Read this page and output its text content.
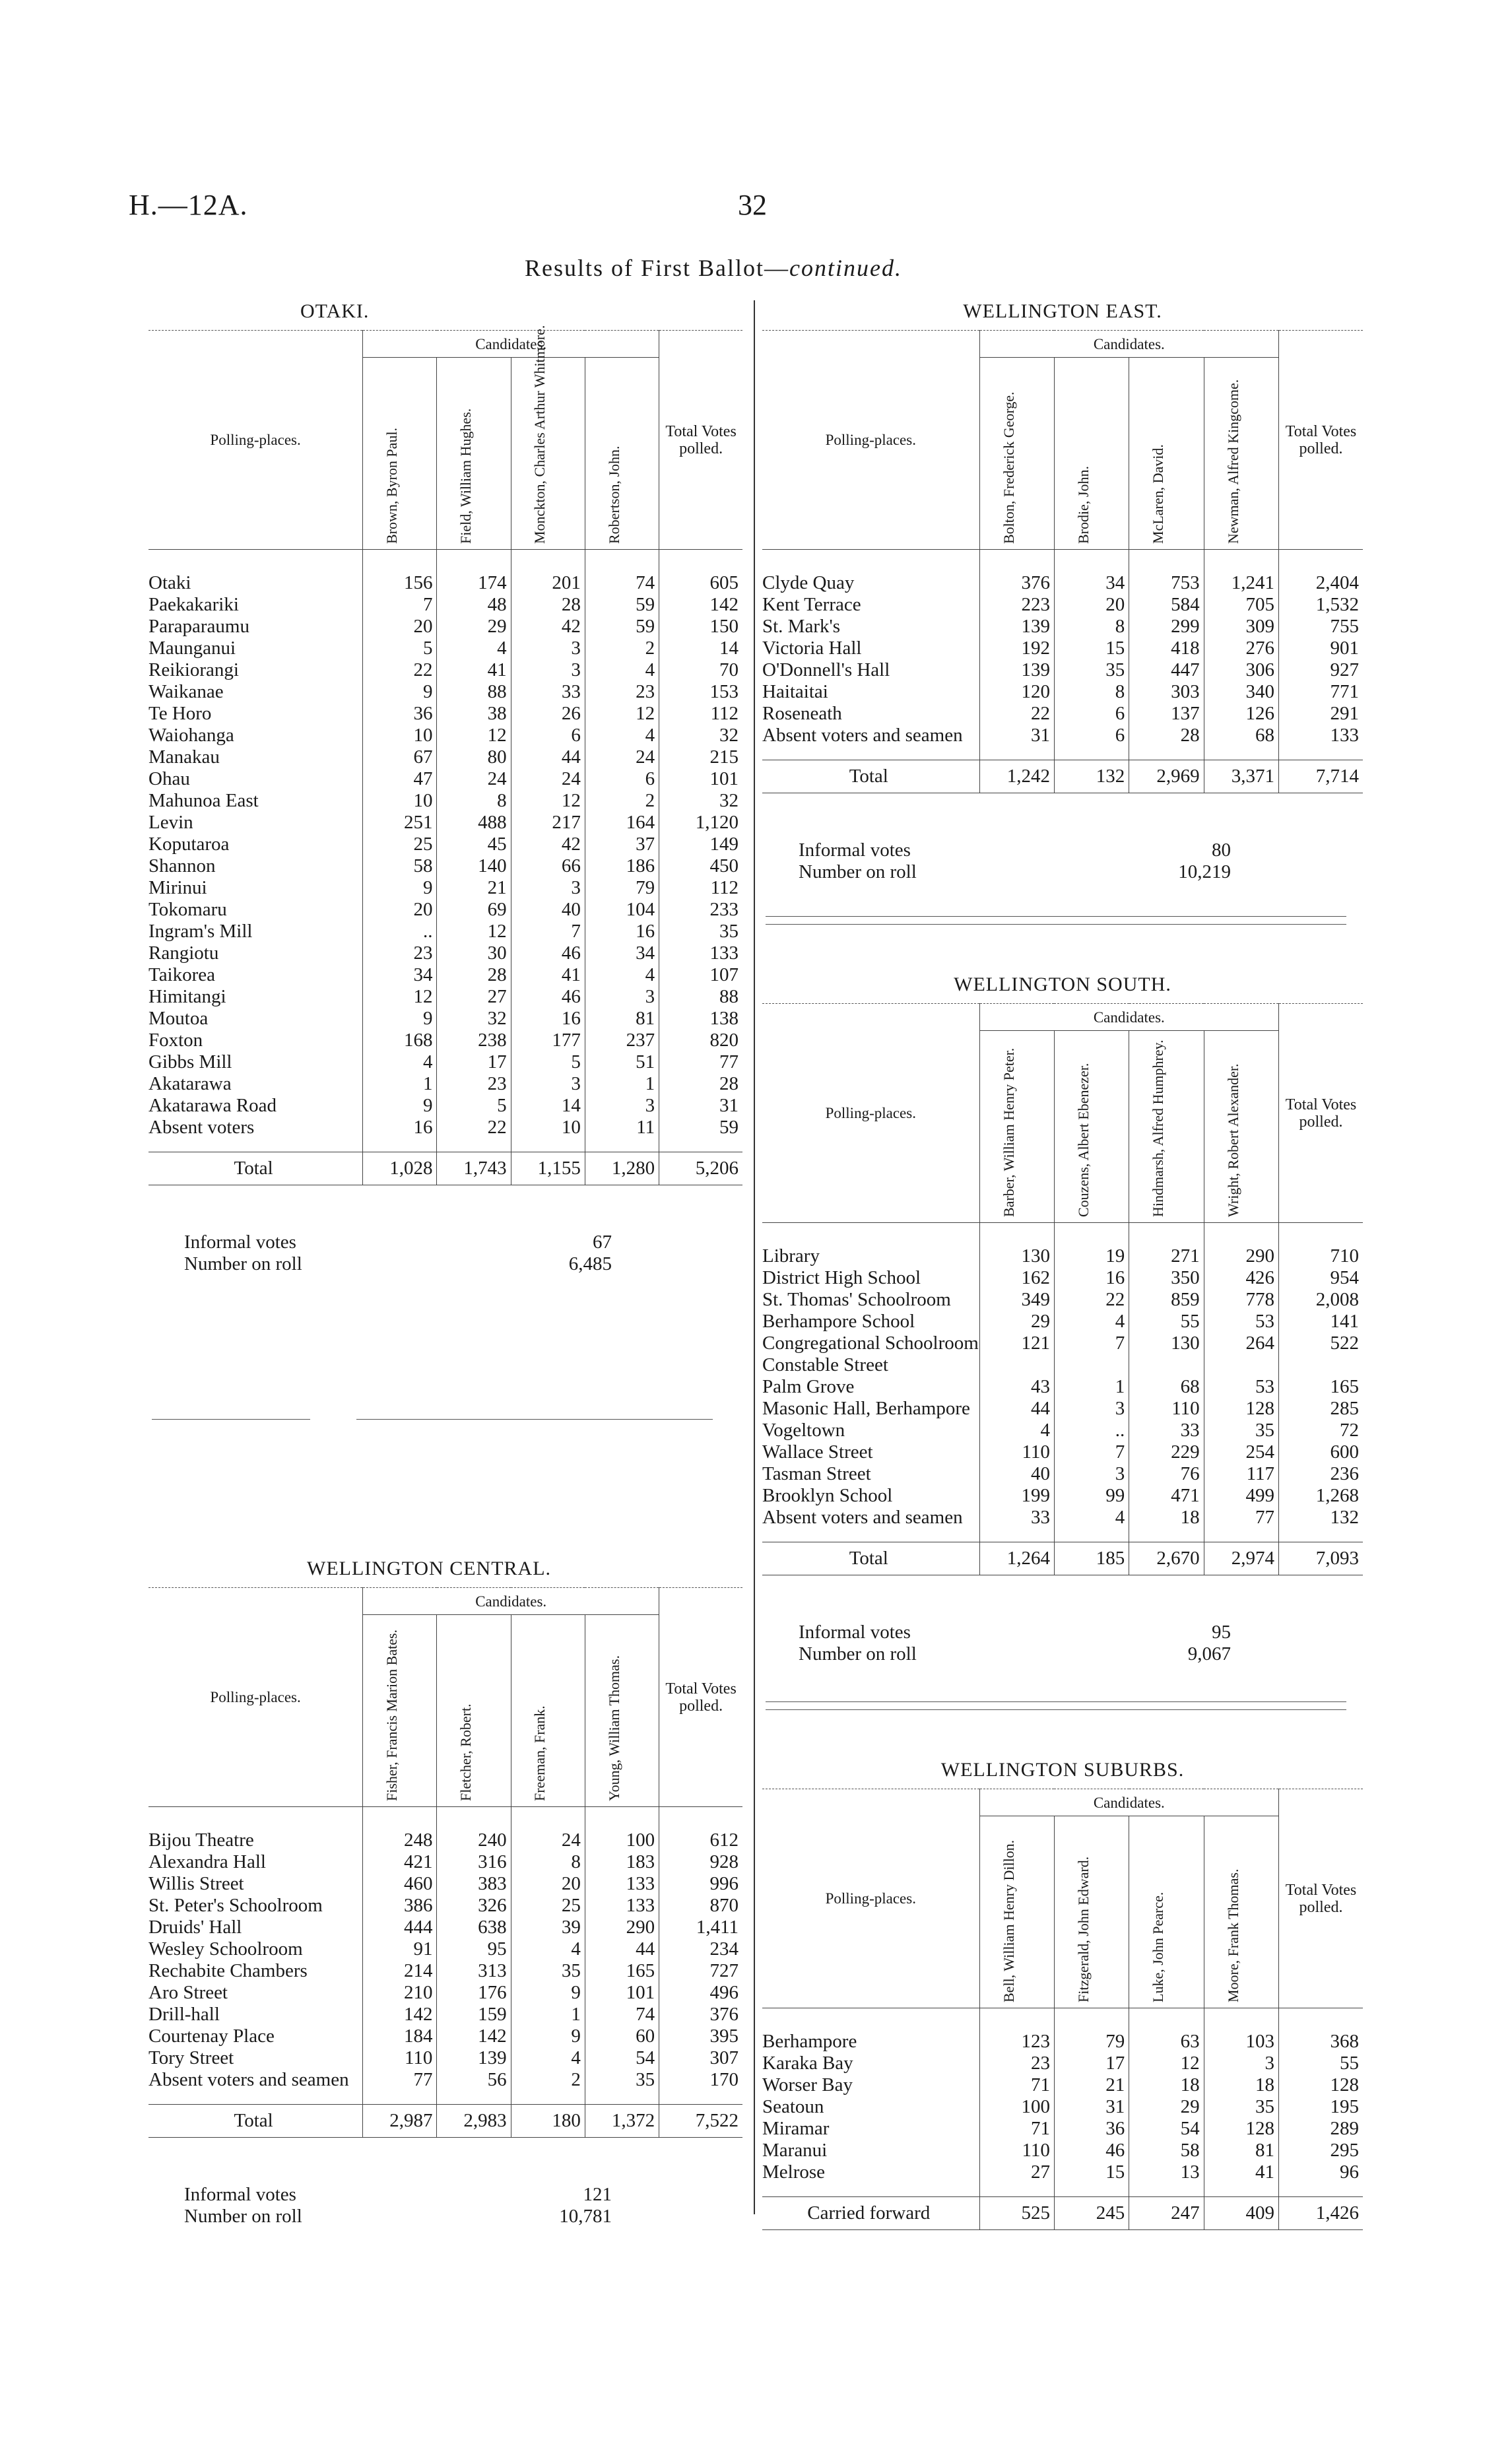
H.—12A.	32
Results of First Ballot—continued.
OTAKI.
Polling-places.	Candidates.				Total Votes polled.

	Brown, Byron Paul.	Field, William Hughes.	Monckton, Charles Arthur Whitmore.	Robertson, John.	

Otaki	156	174	201	74	605
Paekakariki	7	48	28	59	142
Paraparaumu	20	29	42	59	150
Maunganui	5	4	3	2	14
Reikiorangi	22	41	3	4	70
Waikanae	9	88	33	23	153
Te Horo	36	38	26	12	112
Waiohanga	10	12	6	4	32
Manakau	67	80	44	24	215
Ohau	47	24	24	6	101
Mahunoa East	10	8	12	2	32
Levin	251	488	217	164	1,120
Koputaroa	25	45	42	37	149
Shannon	58	140	66	186	450
Mirinui	9	21	3	79	112
Tokomaru	20	69	40	104	233
Ingram's Mill	..	12	7	16	35
Rangiotu	23	30	46	34	133
Taikorea	34	28	41	4	107
Himitangi	12	27	46	3	88
Moutoa	9	32	16	81	138
Foxton	168	238	177	237	820
Gibbs Mill	4	17	5	51	77
Akatarawa	1	23	3	1	28
Akatarawa Road	9	5	14	3	31
Absent voters	16	22	10	11	59

Total	1,028	1,743	1,155	1,280	5,206
Informal votes	67
Number on roll	6,485
WELLINGTON EAST.
Polling-places.	Candidates.				Total Votes polled.

	Bolton, Frederick George.	Brodie, John.	McLaren, David.	Newman, Alfred Kingcome.	

Clyde Quay	376	34	753	1,241	2,404
Kent Terrace	223	20	584	705	1,532
St. Mark's	139	8	299	309	755
Victoria Hall	192	15	418	276	901
O'Donnell's Hall	139	35	447	306	927
Haitaitai	120	8	303	340	771
Roseneath	22	6	137	126	291
Absent voters and seamen	31	6	28	68	133

Total	1,242	132	2,969	3,371	7,714
Informal votes	80
Number on roll	10,219
WELLINGTON SOUTH.
Polling-places.	Candidates.				Total Votes polled.

	Barber, William Henry Peter.	Couzens, Albert Ebenezer.	Hindmarsh, Alfred Humphrey.	Wright, Robert Alexander.	

Library	130	19	271	290	710
District High School	162	16	350	426	954
St. Thomas' Schoolroom	349	22	859	778	2,008
Berhampore School	29	4	55	53	141
Congregational Schoolroom	121	7	130	264	522
Constable Street					
Palm Grove	43	1	68	53	165
Masonic Hall, Berhampore	44	3	110	128	285
Vogeltown	4	..	33	35	72
Wallace Street	110	7	229	254	600
Tasman Street	40	3	76	117	236
Brooklyn School	199	99	471	499	1,268
Absent voters and seamen	33	4	18	77	132

Total	1,264	185	2,670	2,974	7,093
Informal votes	95
Number on roll	9,067
WELLINGTON CENTRAL.
Polling-places.	Candidates.				Total Votes polled.

	Fisher, Francis Marion Bates.	Fletcher, Robert.	Freeman, Frank.	Young, William Thomas.	

Bijou Theatre	248	240	24	100	612
Alexandra Hall	421	316	8	183	928
Willis Street	460	383	20	133	996
St. Peter's Schoolroom	386	326	25	133	870
Druids' Hall	444	638	39	290	1,411
Wesley Schoolroom	91	95	4	44	234
Rechabite Chambers	214	313	35	165	727
Aro Street	210	176	9	101	496
Drill-hall	142	159	1	74	376
Courtenay Place	184	142	9	60	395
Tory Street	110	139	4	54	307
Absent voters and seamen	77	56	2	35	170

Total	2,987	2,983	180	1,372	7,522
Informal votes	121
Number on roll	10,781
WELLINGTON SUBURBS.
Polling-places.	Candidates.				Total Votes polled.

	Bell, William Henry Dillon.	Fitzgerald, John Edward.	Luke, John Pearce.	Moore, Frank Thomas.	

Berhampore	123	79	63	103	368
Karaka Bay	23	17	12	3	55
Worser Bay	71	21	18	18	128
Seatoun	100	31	29	35	195
Miramar	71	36	54	128	289
Maranui	110	46	58	81	295
Melrose	27	15	13	41	96

Carried forward	525	245	247	409	1,426
